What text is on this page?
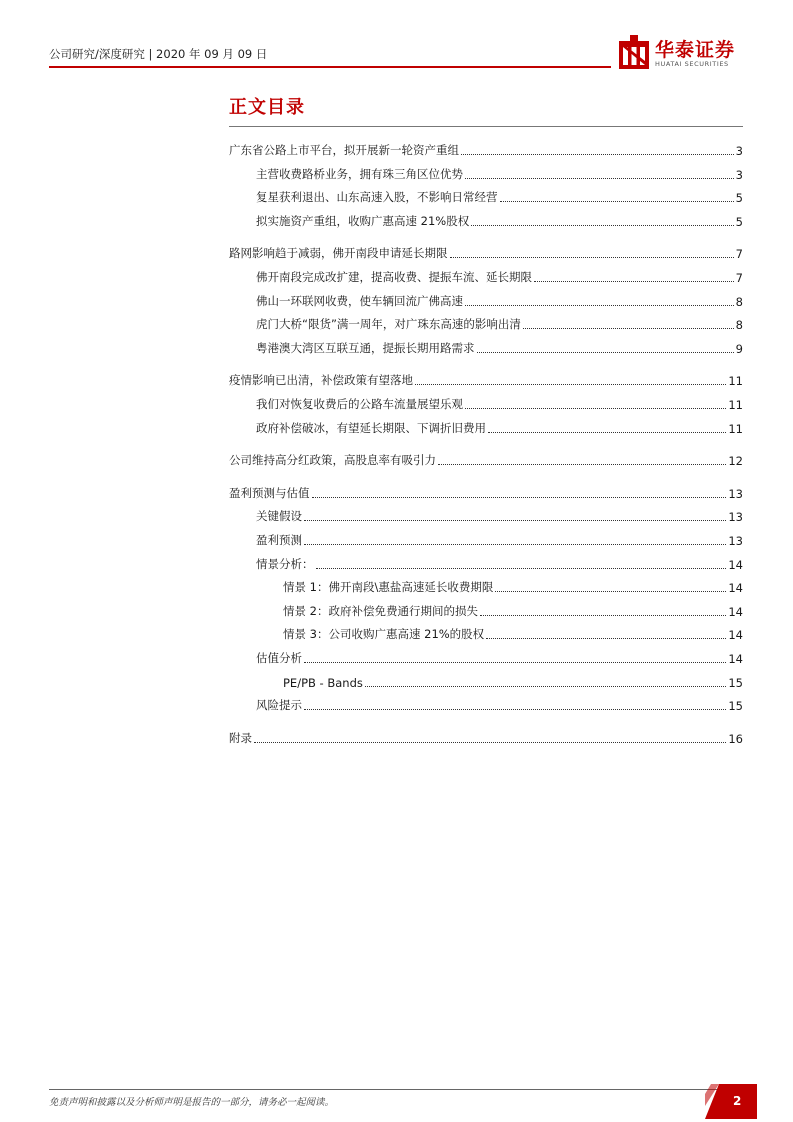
公司研究/深度研究 | 2020 年 09 月 09 日	华泰证券
HUATAI SECURITIES
正文目录
广东省公路上市平台，拟开展新一轮资产重组	3
主营收费路桥业务，拥有珠三角区位优势	3
复星获利退出、山东高速入股，不影响日常经营	5
拟实施资产重组，收购广惠高速 21%股权	5
路网影响趋于减弱，佛开南段申请延长期限	7
佛开南段完成改扩建，提高收费、提振车流、延长期限	7
佛山一环联网收费，使车辆回流广佛高速	8
虎门大桥“限货”满一周年，对广珠东高速的影响出清	8
粤港澳大湾区互联互通，提振长期用路需求	9
疫情影响已出清，补偿政策有望落地	11
我们对恢复收费后的公路车流量展望乐观	11
政府补偿破冰，有望延长期限、下调折旧费用	11
公司维持高分红政策，高股息率有吸引力	12
盈利预测与估值	13
关键假设	13
盈利预测	13
情景分析：	14
情景 1：佛开南段\惠盐高速延长收费期限	14
情景 2：政府补偿免费通行期间的损失	14
情景 3：公司收购广惠高速 21%的股权	14
估值分析	14
PE/PB - Bands	15
风险提示	15
附录	16
免责声明和披露以及分析师声明是报告的一部分，请务必一起阅读。	2
